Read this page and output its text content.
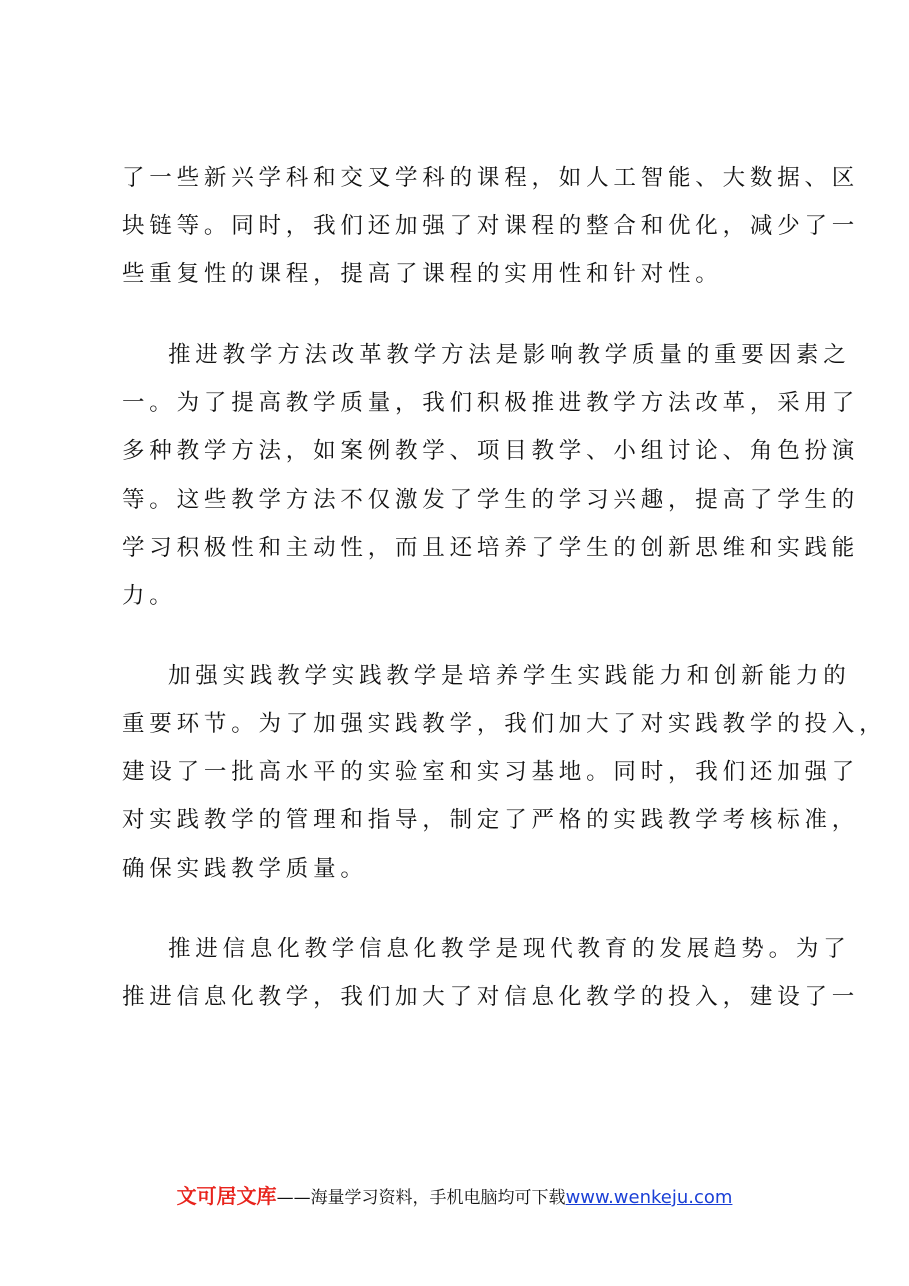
了一些新兴学科和交叉学科的课程，如人工智能、大数据、区
块链等。同时，我们还加强了对课程的整合和优化，减少了一
些重复性的课程，提高了课程的实用性和针对性。
推进教学方法改革教学方法是影响教学质量的重要因素之
一。为了提高教学质量，我们积极推进教学方法改革，采用了
多种教学方法，如案例教学、项目教学、小组讨论、角色扮演
等。这些教学方法不仅激发了学生的学习兴趣，提高了学生的
学习积极性和主动性，而且还培养了学生的创新思维和实践能
力。
加强实践教学实践教学是培养学生实践能力和创新能力的
重要环节。为了加强实践教学，我们加大了对实践教学的投入，
建设了一批高水平的实验室和实习基地。同时，我们还加强了
对实践教学的管理和指导，制定了严格的实践教学考核标准，
确保实践教学质量。
推进信息化教学信息化教学是现代教育的发展趋势。为了
推进信息化教学，我们加大了对信息化教学的投入，建设了一
文可居文库——海量学习资料，手机电脑均可下载www.wenkeju.com
